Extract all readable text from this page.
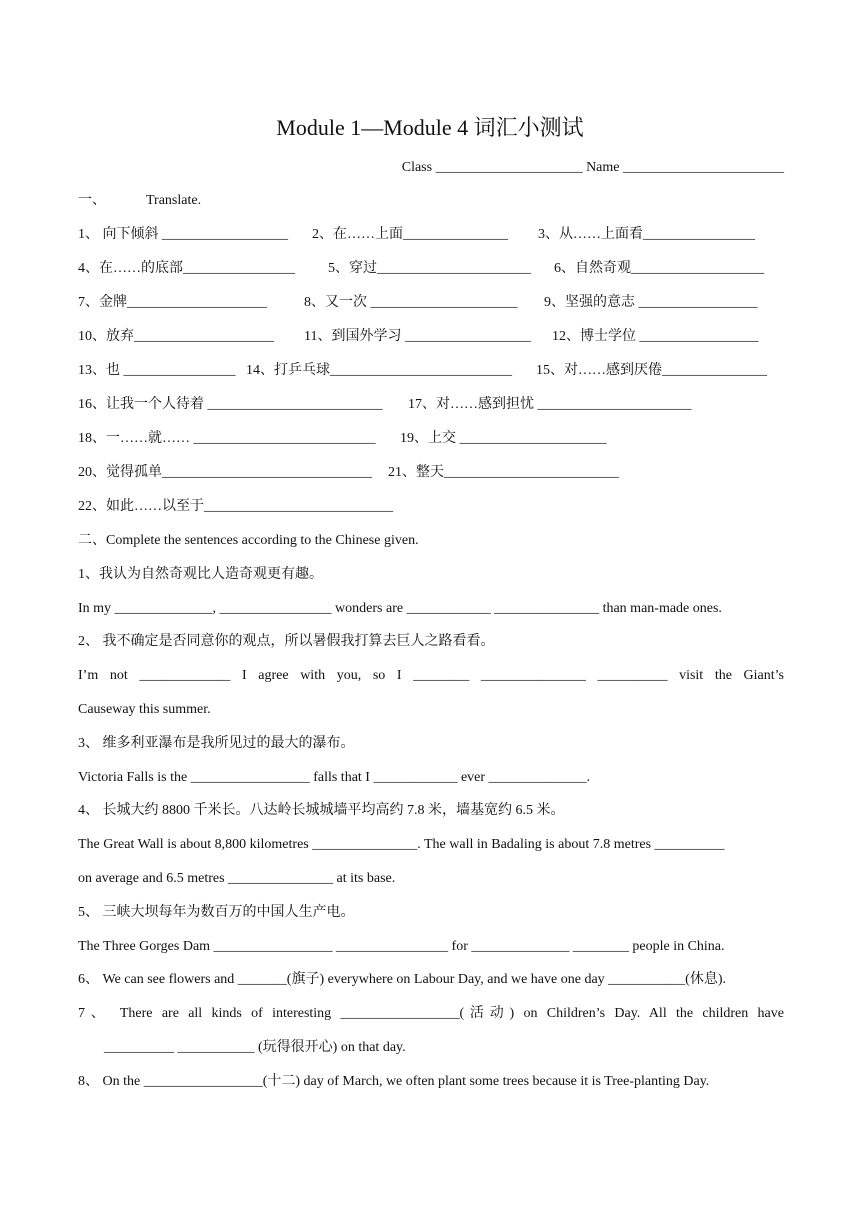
Module 1—Module 4 词汇小测试
Class _____________________ Name _______________________
一、	Translate.
1、 向下倾斜 __________________ 2、在……上面_______________ 3、从……上面看________________
4、在……的底部________________ 5、穿过______________________ 6、自然奇观___________________
7、金牌____________________	8、又一次 _____________________ 9、坚强的意志 _________________
10、放弃____________________ 11、到国外学习 __________________ 12、博士学位 _________________
13、也 ________________ 14、打乒乓球__________________________ 15、对……感到厌倦_______________
16、让我一个人待着 _________________________ 17、对……感到担忧 ______________________
18、一……就…… __________________________ 19、上交 _____________________
20、觉得孤单______________________________ 21、整天_________________________
22、如此……以至于___________________________
二、Complete the sentences according to the Chinese given.
1、我认为自然奇观比人造奇观更有趣。
In my ______________, ________________ wonders are ____________ _______________ than man-made ones.
2、 我不确定是否同意你的观点，所以暑假我打算去巨人之路看看。
I’m not _____________ I agree with you, so I ________ _______________ __________ visit the Giant’s
Causeway this summer.
3、 维多利亚瀑布是我所见过的最大的瀑布。
Victoria Falls is the _________________ falls that I ____________ ever ______________.
4、 长城大约 8800 千米长。八达岭长城城墙平均高约 7.8 米，墙基宽约 6.5 米。
The Great Wall is about 8,800 kilometres _______________. The wall in Badaling is about 7.8 metres __________
on average and 6.5 metres _______________ at its base.
5、 三峡大坝每年为数百万的中国人生产电。
The Three Gorges Dam _________________ ________________ for ______________ ________ people in China.
6、 We can see flowers and _______(旗子) everywhere on Labour Day, and we have one day ___________(休息).
7、 There are all kinds of interesting _________________(活动) on Children’s Day. All the children have
__________ ___________ (玩得很开心) on that day.
8、 On the _________________(十二) day of March, we often plant some trees because it is Tree-planting Day.
